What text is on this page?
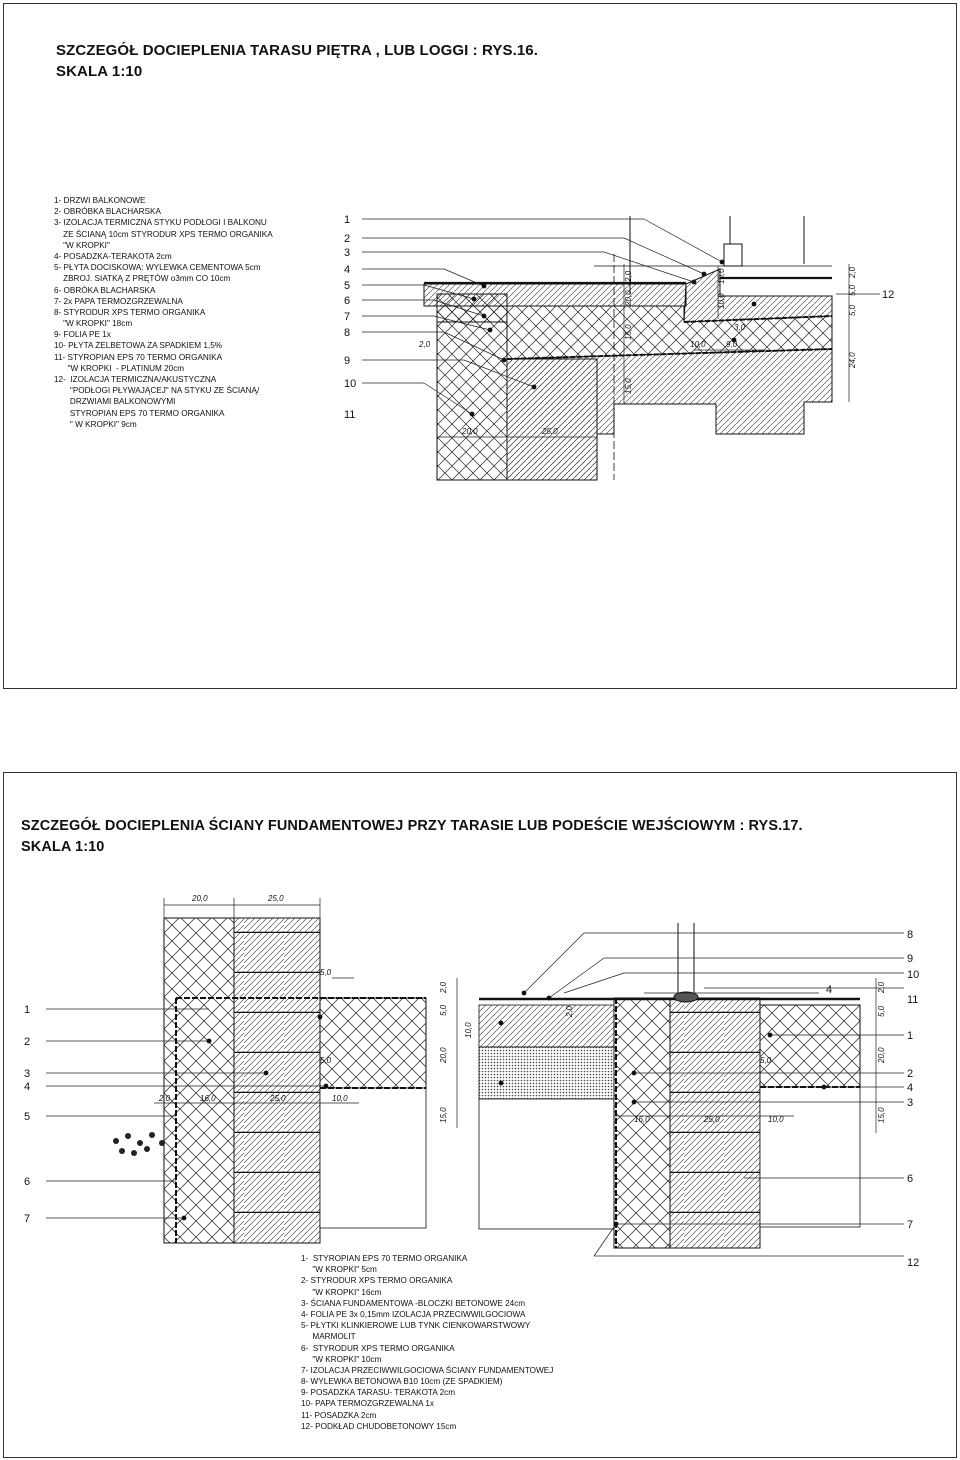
SZCZEGÓŁ DOCIEPLENIA TARASU PIĘTRA , LUB LOGGI : RYS.16.
SKALA 1:10
1- DRZWI BALKONOWE
2- OBRÓBKA BLACHARSKA
3- IZOLACJA TERMICZNA STYKU PODŁOGI I BALKONU
ZE ŚCIANĄ 10cm STYRODUR XPS TERMO ORGANIKA
"W KROPKI"
4- POSADZKA-TERAKOTA 2cm
5- PŁYTA DOCISKOWA: WYLEWKA CEMENTOWA 5cm
ZBROJ. SIATKĄ Z PRĘTÓW o3mm CO 10cm
6- OBRÓKA BLACHARSKA
7- 2x PAPA TERMOZGRZEWALNA
8- STYRODUR XPS TERMO ORGANIKA
"W KROPKI" 18cm
9- FOLIA PE 1x
10- PŁYTA ŻELBETOWA ZA SPADKIEM 1,5%
11- STYROPIAN EPS 70 TERMO ORGANIKA
"W KROPKI  - PLATINUM 20cm
12-  IZOLACJA TERMICZNA/AKUSTYCZNA
"PODŁOGI PŁYWAJĄCEJ" NA STYKU ZE ŚCIANĄ/
DRZWIAMI BALKONOWYMI
STYROPIAN EPS 70 TERMO ORGANIKA
" W KROPKI" 9cm
1
2
3
4
5
6
7
8
9
10
11
12
20,0	25,0
2,0	10,0	9,0
3,0
2,0
20,0
15,0
15,0
10,0
10,0
5,0
5,0
2,0
24,0
SZCZEGÓŁ DOCIEPLENIA ŚCIANY FUNDAMENTOWEJ PRZY TARASIE LUB PODEŚCIE WEJŚCIOWYM : RYS.17.
SKALA 1:10
1-  STYROPIAN EPS 70 TERMO ORGANIKA
"W KROPKI" 5cm
2- STYRODUR XPS TERMO ORGANIKA
"W KROPKI" 16cm
3- ŚCIANA FUNDAMENTOWA -BLOCZKI BETONOWE 24cm
4- FOLIA PE 3x 0,15mm IZOLACJA PRZECIWWILGOCIOWA
5- PŁYTKI KLINKIEROWE LUB TYNK CIENKOWARSTWOWY
MARMOLIT
6-  STYRODUR XPS TERMO ORGANIKA
"W KROPKI" 10cm
7- IZOLACJA PRZECIWWILGOCIOWA ŚCIANY FUNDAMENTOWEJ
8- WYLEWKA BETONOWA B10 10cm (ZE SPADKIEM)
9- POSADZKA TARASU- TERAKOTA 2cm
10- PAPA TERMOZGRZEWALNA 1x
11- POSADZKA 2cm
12- PODKŁAD CHUDOBETONOWY 15cm
1
2
3
4
5
6
7
8
9
10
11
1
2
4
3
6
7
12
4
20,0	25,0
5,0
5,0
2,0	16,0	25,0	10,0
2,0
5,0
10,0
20,0
15,0
2,0
5,0
20,0
15,0
2,0
5,0
16,0	25,0	10,0
